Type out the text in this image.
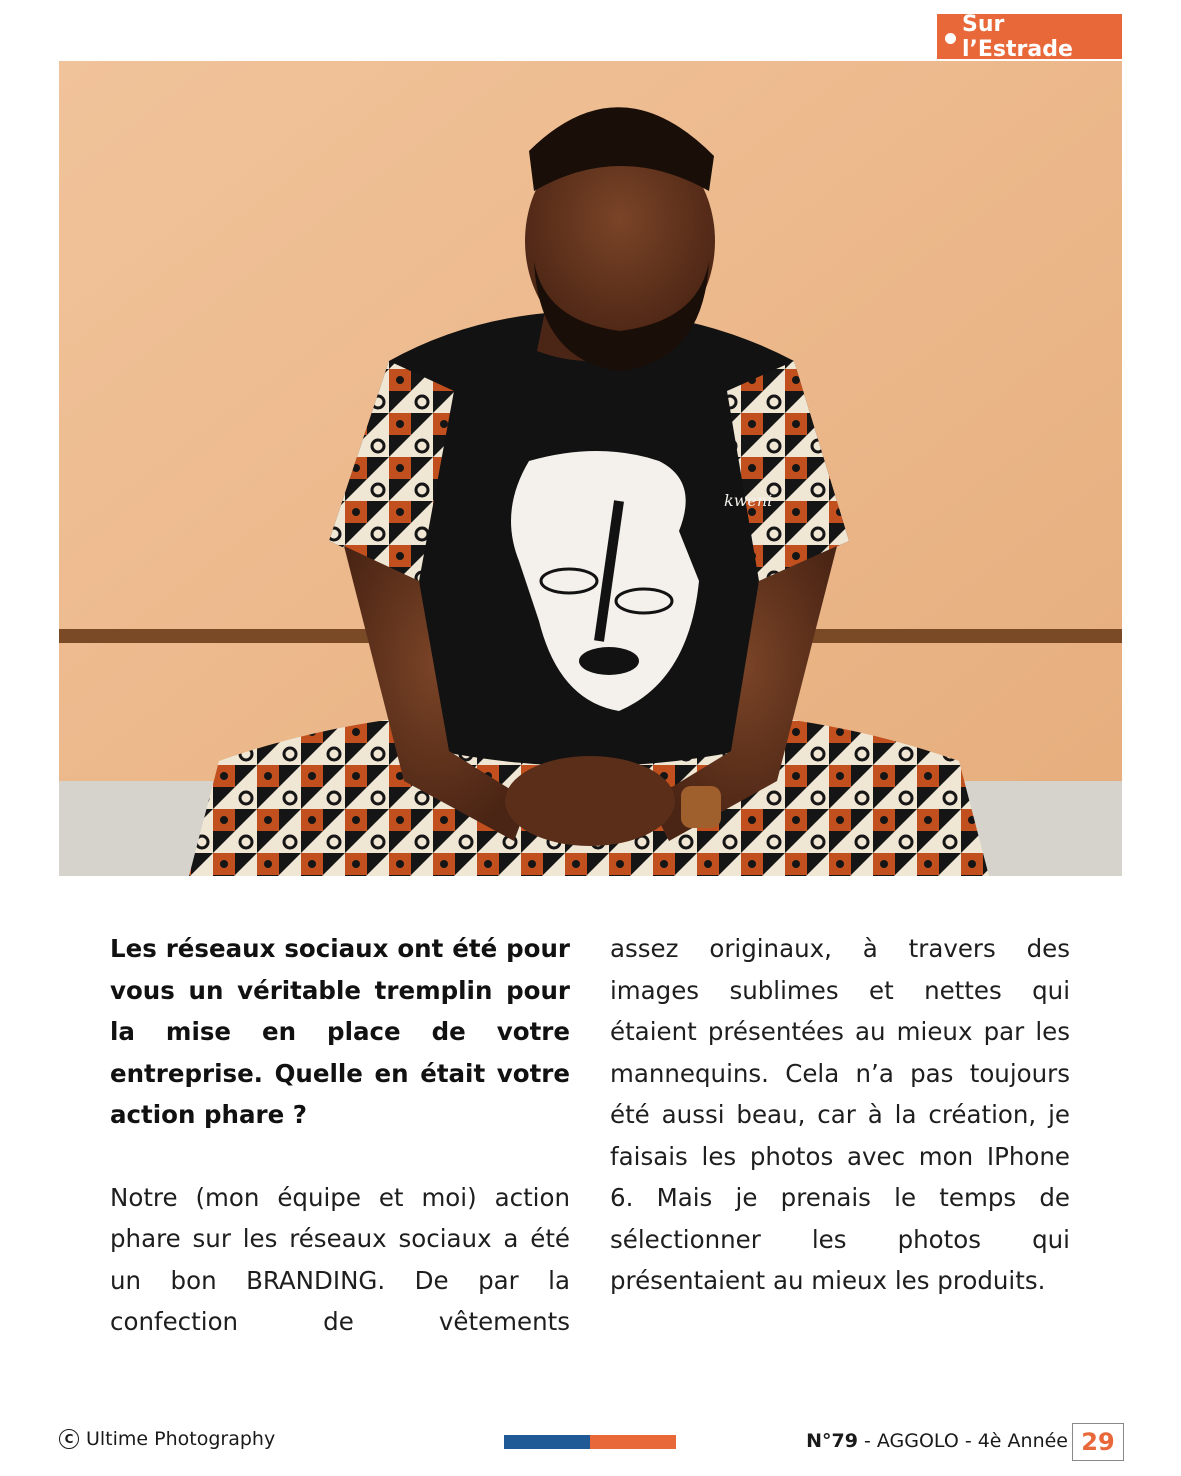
Sur l’Estrade
kweni

Les réseaux sociaux ont été pour vous un véritable tremplin pour la mise en place de votre entreprise. Quelle en était votre action phare ?

Notre (mon équipe et moi) action phare sur les réseaux sociaux a été un bon BRANDING. De par la confection de vêtements

assez originaux, à travers des images sublimes et nettes qui étaient présentées au mieux par les mannequins. Cela n’a pas toujours été aussi beau, car à la création, je faisais les photos avec mon IPhone 6. Mais je prenais le temps de sélectionner les photos qui présentaient au mieux les produits.

C Ultime Photography	N°79 - AGGOLO - 4è Année 29
